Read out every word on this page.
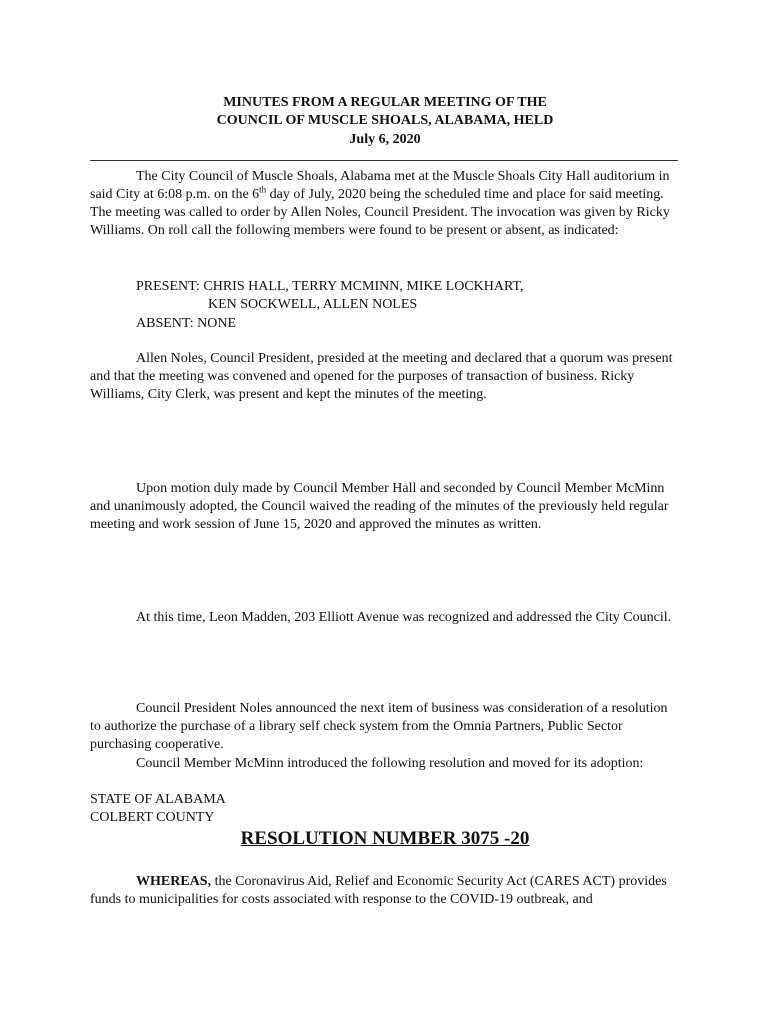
MINUTES FROM A REGULAR MEETING OF THE
COUNCIL OF MUSCLE SHOALS, ALABAMA, HELD
July 6, 2020

The City Council of Muscle Shoals, Alabama met at the Muscle Shoals City Hall auditorium in said City at 6:08 p.m. on the 6th day of July, 2020 being the scheduled time and place for said meeting. The meeting was called to order by Allen Noles, Council President. The invocation was given by Ricky Williams. On roll call the following members were found to be present or absent, as indicated:

PRESENT: CHRIS HALL, TERRY MCMINN, MIKE LOCKHART,
KEN SOCKWELL, ALLEN NOLES
ABSENT: NONE

Allen Noles, Council President, presided at the meeting and declared that a quorum was present and that the meeting was convened and opened for the purposes of transaction of business. Ricky Williams, City Clerk, was present and kept the minutes of the meeting.

Upon motion duly made by Council Member Hall and seconded by Council Member McMinn and unanimously adopted, the Council waived the reading of the minutes of the previously held regular meeting and work session of June 15, 2020 and approved the minutes as written.

At this time, Leon Madden, 203 Elliott Avenue was recognized and addressed the City Council.

Council President Noles announced the next item of business was consideration of a resolution to authorize the purchase of a library self check system from the Omnia Partners, Public Sector purchasing cooperative.

Council Member McMinn introduced the following resolution and moved for its adoption:

STATE OF ALABAMA
COLBERT COUNTY
RESOLUTION NUMBER 3075 -20

WHEREAS, the Coronavirus Aid, Relief and Economic Security Act (CARES ACT) provides funds to municipalities for costs associated with response to the COVID-19 outbreak, and
